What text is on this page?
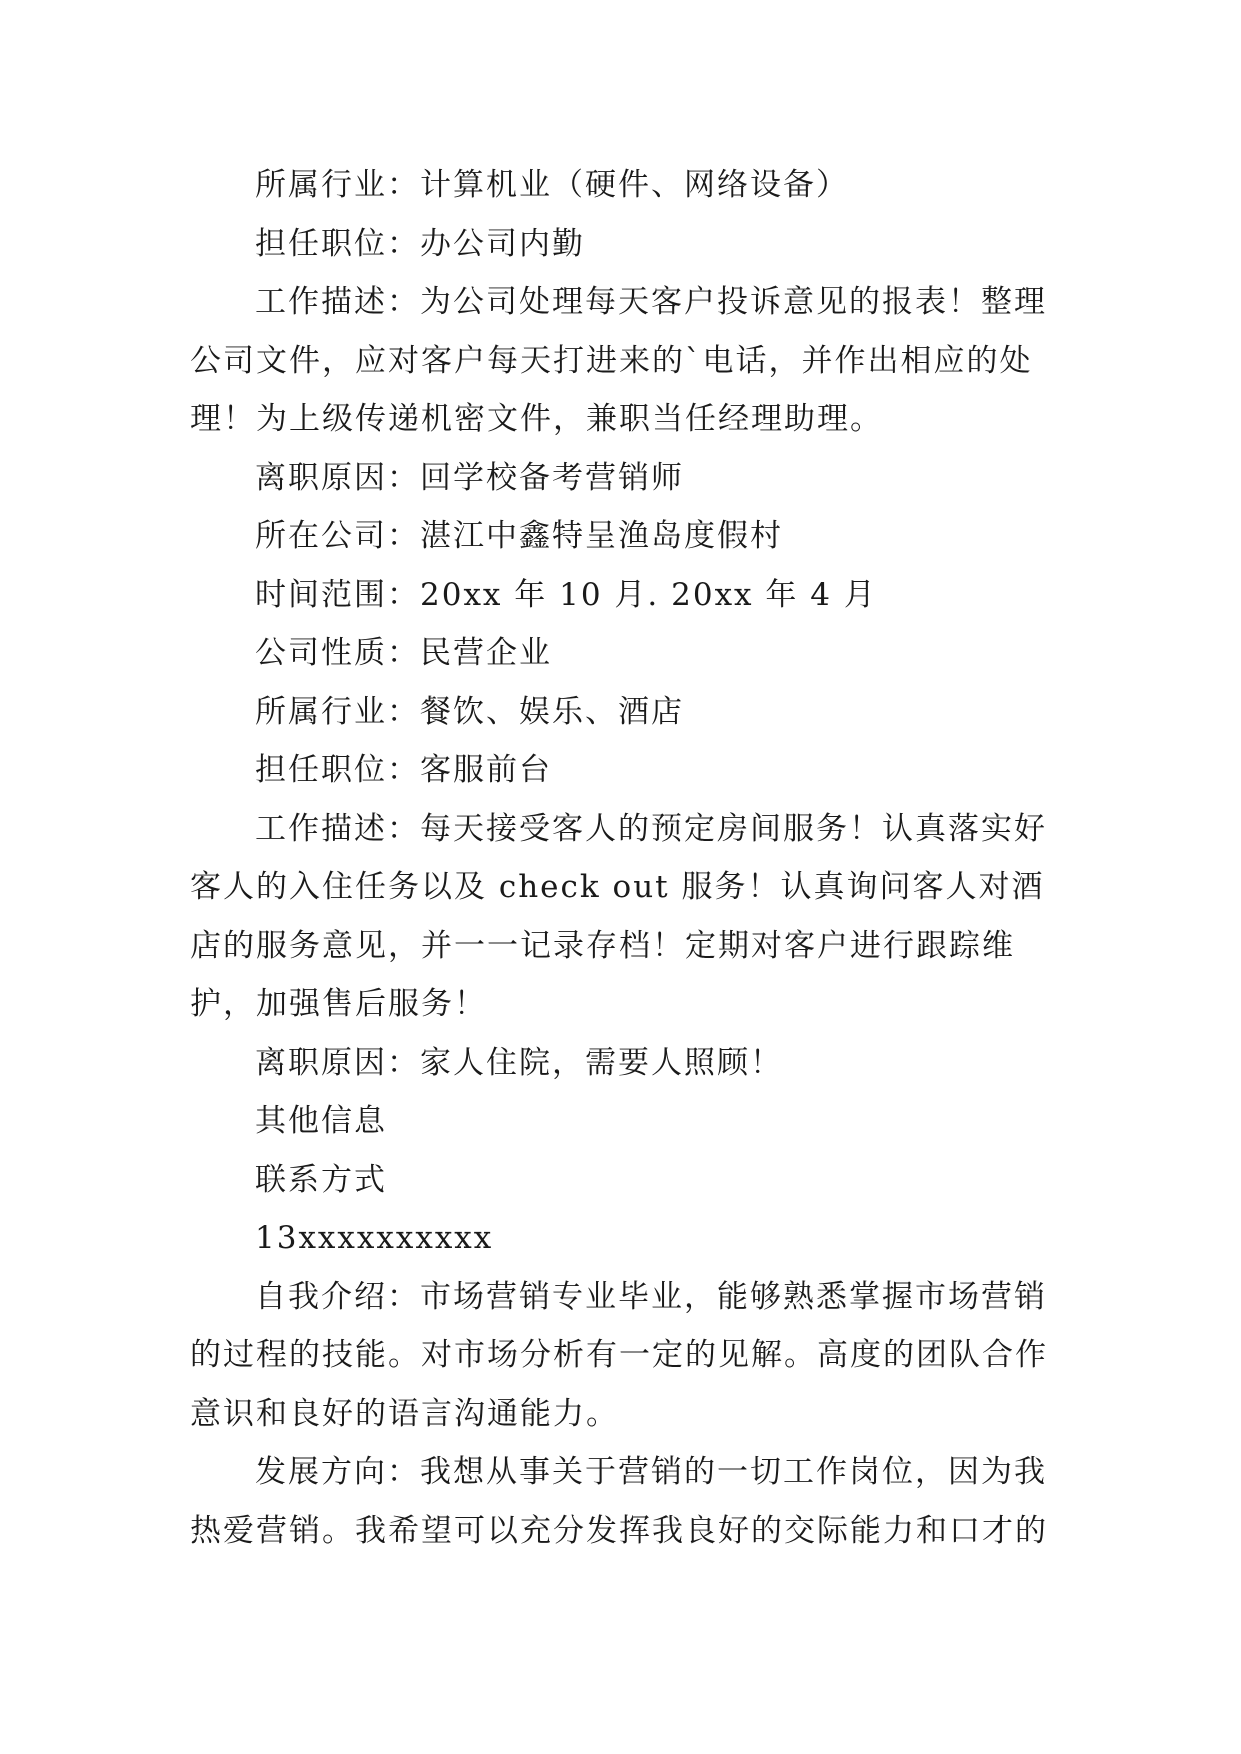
所属行业：计算机业（硬件、网络设备）

担任职位：办公司内勤

工作描述：为公司处理每天客户投诉意见的报表！整理公司文件，应对客户每天打进来的`电话，并作出相应的处理！为上级传递机密文件，兼职当任经理助理。

离职原因：回学校备考营销师

所在公司：湛江中鑫特呈渔岛度假村

时间范围：20xx 年 10 月. 20xx 年 4 月

公司性质：民营企业

所属行业：餐饮、娱乐、酒店

担任职位：客服前台

工作描述：每天接受客人的预定房间服务！认真落实好客人的入住任务以及 check out 服务！认真询问客人对酒店的服务意见，并一一记录存档！定期对客户进行跟踪维护，加强售后服务！

离职原因：家人住院，需要人照顾！

其他信息

联系方式

13xxxxxxxxxx

自我介绍：市场营销专业毕业，能够熟悉掌握市场营销的过程的技能。对市场分析有一定的见解。高度的团队合作意识和良好的语言沟通能力。

发展方向：我想从事关于营销的一切工作岗位，因为我热爱营销。我希望可以充分发挥我良好的交际能力和口才的
